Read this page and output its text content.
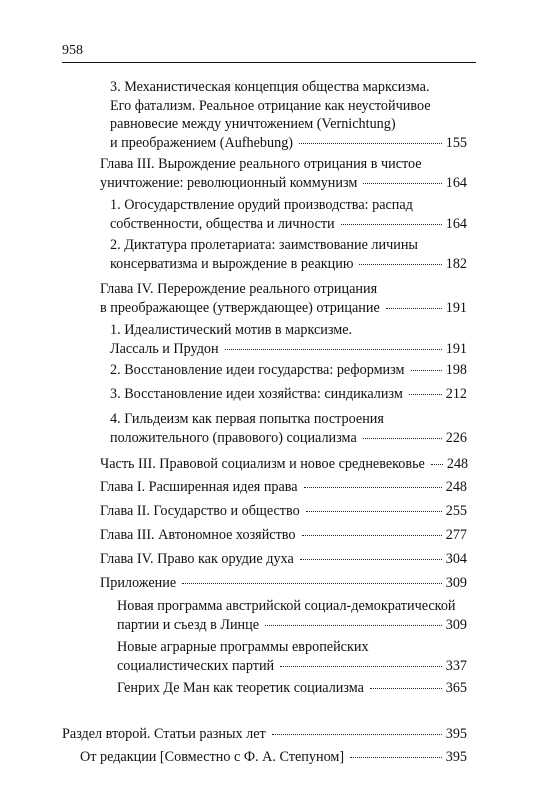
958
3. Механистическая концепция общества марксизма.
Его фатализм. Реальное отрицание как неустойчивое
равновесие между уничтожением (Vernichtung)
и преображением (Aufhebung)	155
Глава III. Вырождение реального отрицания в чистое
уничтожение: революционный коммунизм	164
1. Огосударствление орудий производства: распад
собственности, общества и личности	164
2. Диктатура пролетариата: заимствование личины
консерватизма и вырождение в реакцию	182
Глава IV. Перерождение реального отрицания
в преображающее (утверждающее) отрицание	191
1. Идеалистический мотив в марксизме.
Лассаль и Прудон	191
2. Восстановление идеи государства: реформизм	198
3. Восстановление идеи хозяйства: синдикализм	212
4. Гильдеизм как первая попытка построения
положительного (правового) социализма	226
Часть III. Правовой социализм и новое средневековье 248
Глава I. Расширенная идея права	248
Глава II. Государство и общество	255
Глава III. Автономное хозяйство	277
Глава IV. Право как орудие духа	304
Приложение	309
Новая программа австрийской социал-демократической
партии и съезд в Линце	309
Новые аграрные программы европейских
социалистических партий	337
Генрих Де Ман как теоретик социализма	365
Раздел второй. Статьи разных лет	395
От редакции [Совместно с Ф. А. Степуном]	395
